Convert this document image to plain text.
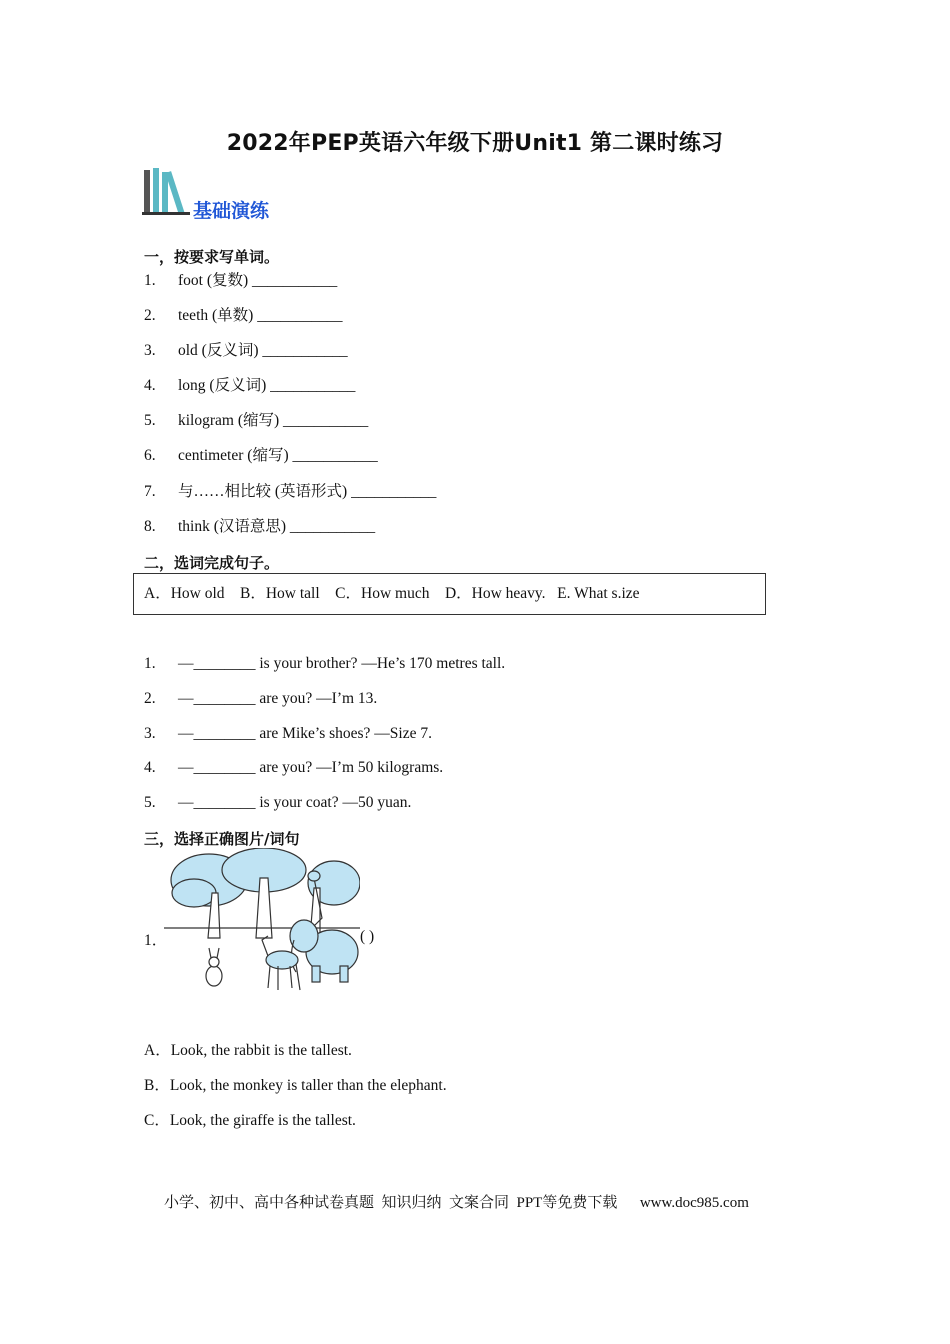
2022年PEP英语六年级下册Unit1 第二课时练习
基础演练
一，按要求写单词。
1. foot (复数) ___________
2. teeth (单数) ___________
3. old (反义词) ___________
4. long (反义词) ___________
5. kilogram (缩写) ___________
6. centimeter (缩写) ___________
7. 与……相比较 (英语形式) ___________
8. think (汉语意思) ___________
二，选词完成句子。
A．How old    B．How tall    C．How much    D．How heavy.   E. What s.ize
1. —________ is your brother? —He’s 170 metres tall.
2. —________ are you? —I’m 13.
3. —________ are Mike’s shoes? —Size 7.
4. —________ are you? —I’m 50 kilograms.
5. —________ is your coat? —50 yuan.
三，选择正确图片/词句
1．	( )
A．Look, the rabbit is the tallest.
B．Look, the monkey is taller than the elephant.
C．Look, the giraffe is the tallest.
小学、初中、高中各种试卷真题  知识归纳  文案合同  PPT等免费下载      www.doc985.com
